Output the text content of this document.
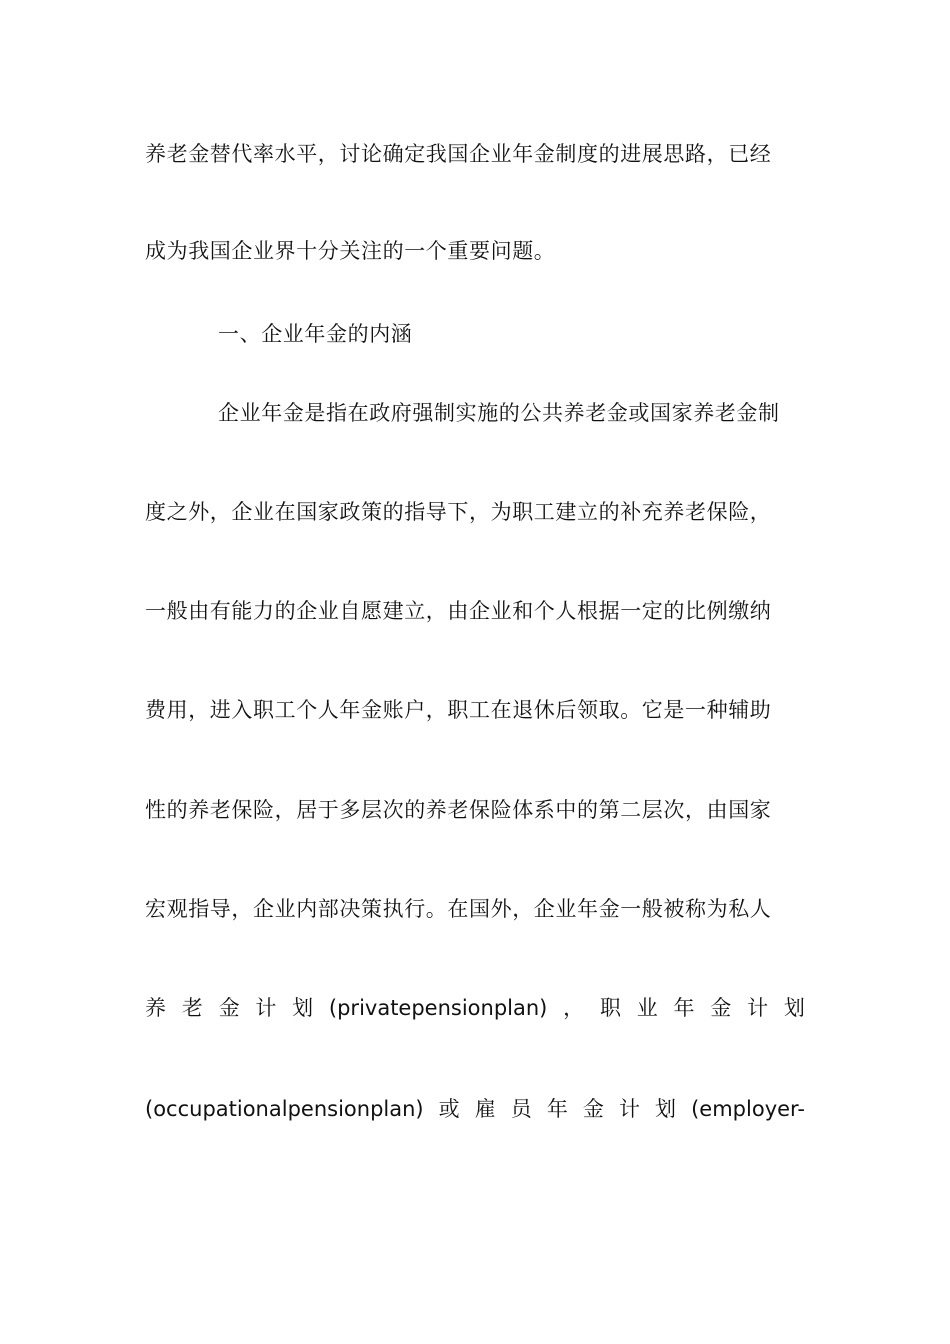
养老金替代率水平，讨论确定我国企业年金制度的进展思路，已经
成为我国企业界十分关注的一个重要问题。
一、企业年金的内涵
企业年金是指在政府强制实施的公共养老金或国家养老金制
度之外，企业在国家政策的指导下，为职工建立的补充养老保险，
一般由有能力的企业自愿建立，由企业和个人根据一定的比例缴纳
费用，进入职工个人年金账户，职工在退休后领取。它是一种辅助
性的养老保险，居于多层次的养老保险体系中的第二层次，由国家
宏观指导，企业内部决策执行。在国外，企业年金一般被称为私人
养 老 金 计 划 (privatepensionplan) ， 职 业 年 金 计 划
(occupationalpensionplan) 或 雇 员 年 金 计 划 (employer-
